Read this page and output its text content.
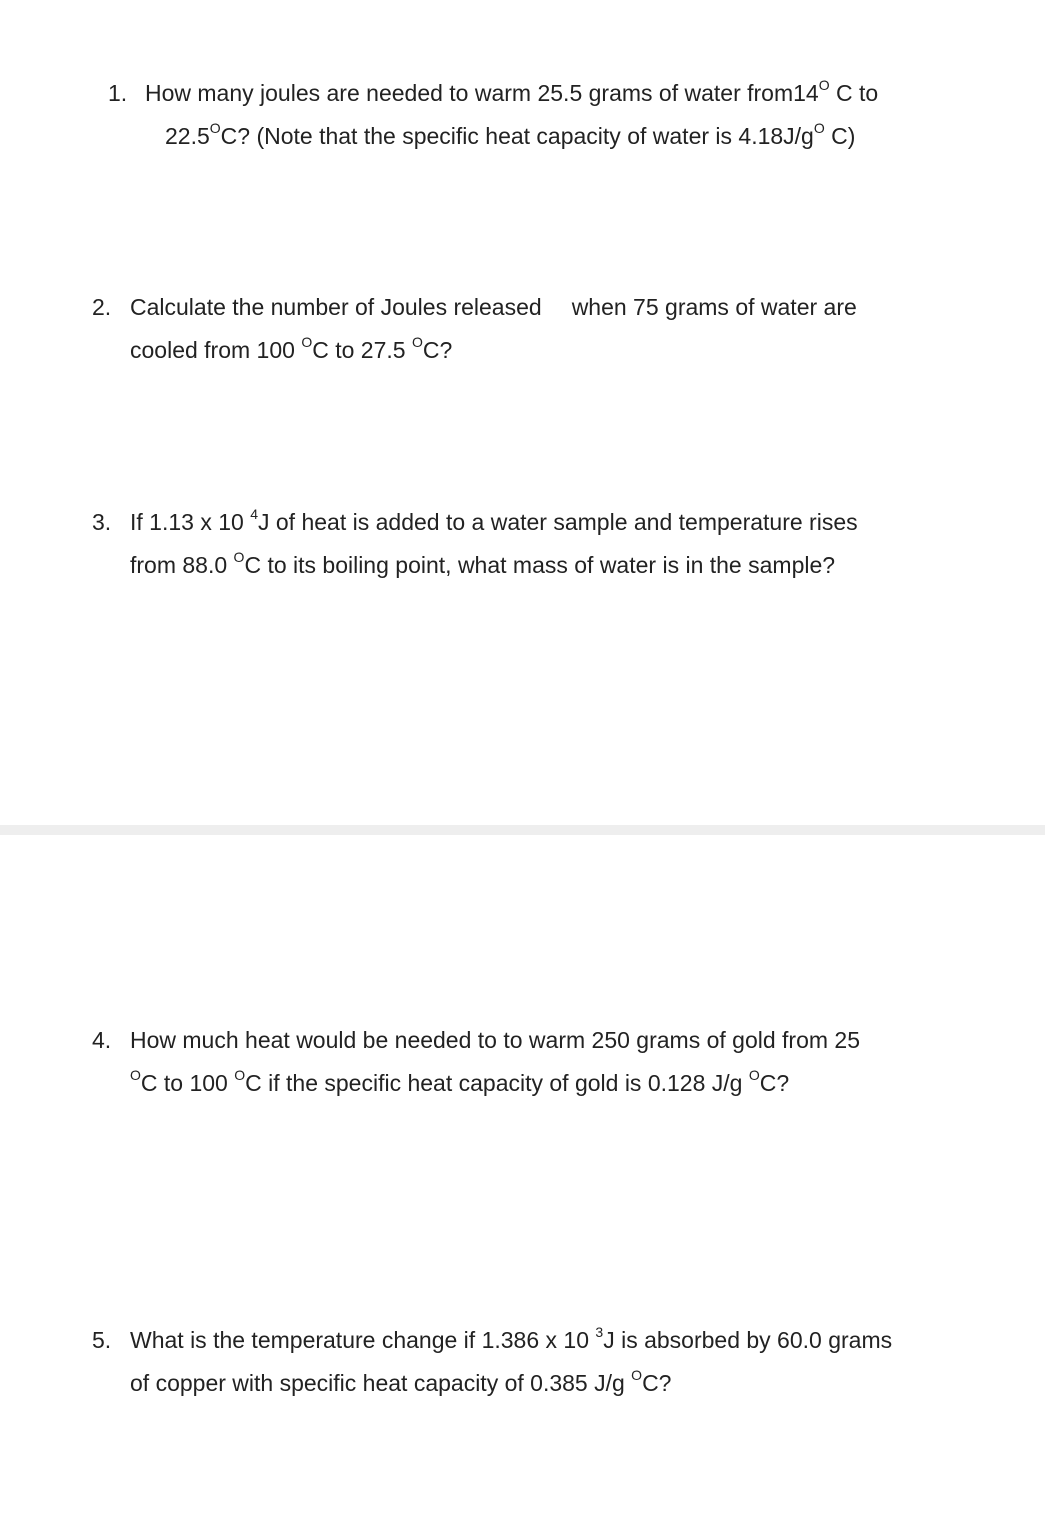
1. How many joules are needed to warm 25.5 grams of water $from14^O$ C to
$22.5^OC$? (Note that the specific heat capacity of water is $4.18J/g^O$ C)
2. Calculate the number of Joules released when 75 grams of water are
cooled from 100 $^O$C to 27.5 $^O$C?
3. If 1.13 x 10 $^4$J of heat is added to a water sample and temperature rises
from 88.0 $^O$C to its boiling point, what mass of water is in the sample?
4. How much heat would be needed to to warm 250 grams of gold from 25
$^O$C to 100 $^O$C if the specific heat capacity of gold is 0.128 J/g $^O$C?
5. What is the temperature change if 1.386 x 10 $^3$J is absorbed by 60.0 grams
of copper with specific heat capacity of 0.385 J/g $^O$C?
